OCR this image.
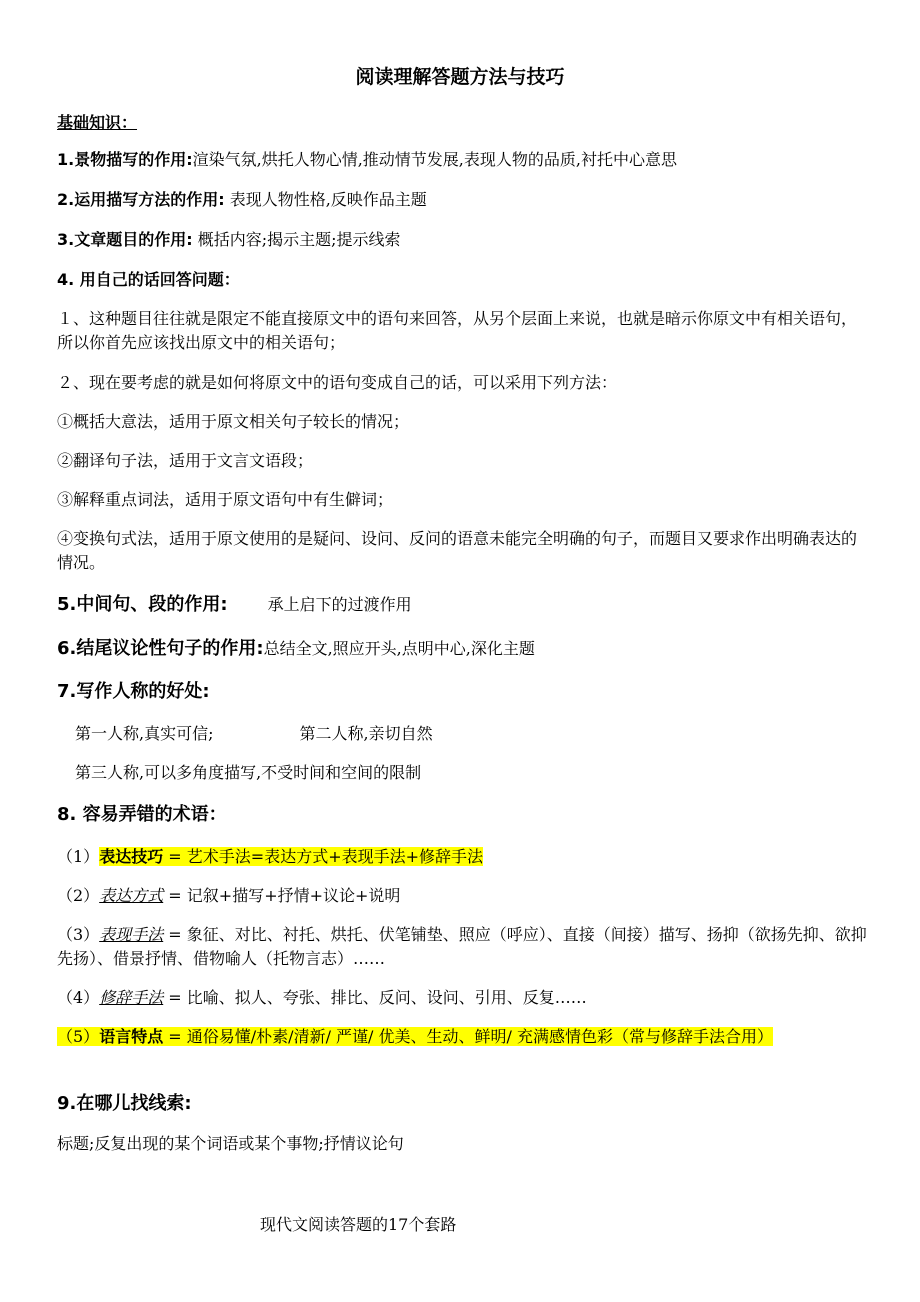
阅读理解答题方法与技巧
基础知识：
1.景物描写的作用:渲染气氛,烘托人物心情,推动情节发展,表现人物的品质,衬托中心意思
2.运用描写方法的作用: 表现人物性格,反映作品主题
3.文章题目的作用: 概括内容;揭示主题;提示线索
4. 用自己的话回答问题：
１、这种题目往往就是限定不能直接原文中的语句来回答，从另个层面上来说，也就是暗示你原文中有相关语句，所以你首先应该找出原文中的相关语句；
２、现在要考虑的就是如何将原文中的语句变成自己的话，可以采用下列方法：
①概括大意法，适用于原文相关句子较长的情况；
②翻译句子法，适用于文言文语段；
③解释重点词法，适用于原文语句中有生僻词；
④变换句式法，适用于原文使用的是疑问、设问、反问的语意未能完全明确的句子，而题目又要求作出明确表达的情况。
5.中间句、段的作用:	承上启下的过渡作用
6.结尾议论性句子的作用:总结全文,照应开头,点明中心,深化主题
7.写作人称的好处:
第一人称,真实可信;	第二人称,亲切自然
第三人称,可以多角度描写,不受时间和空间的限制
8. 容易弄错的术语：
（1）表达技巧 = 艺术手法=表达方式+表现手法+修辞手法
（2）表达方式 = 记叙+描写+抒情+议论+说明
（3）表现手法 = 象征、对比、衬托、烘托、伏笔铺垫、照应（呼应）、直接（间接）描写、扬抑（欲扬先抑、欲抑先扬）、借景抒情、借物喻人（托物言志）……
（4）修辞手法 = 比喻、拟人、夸张、排比、反问、设问、引用、反复……
（5）语言特点 = 通俗易懂/朴素/清新/ 严谨/ 优美、生动、鲜明/ 充满感情色彩（常与修辞手法合用）
9.在哪儿找线索:
标题;反复出现的某个词语或某个事物;抒情议论句
现代文阅读答题的17个套路
